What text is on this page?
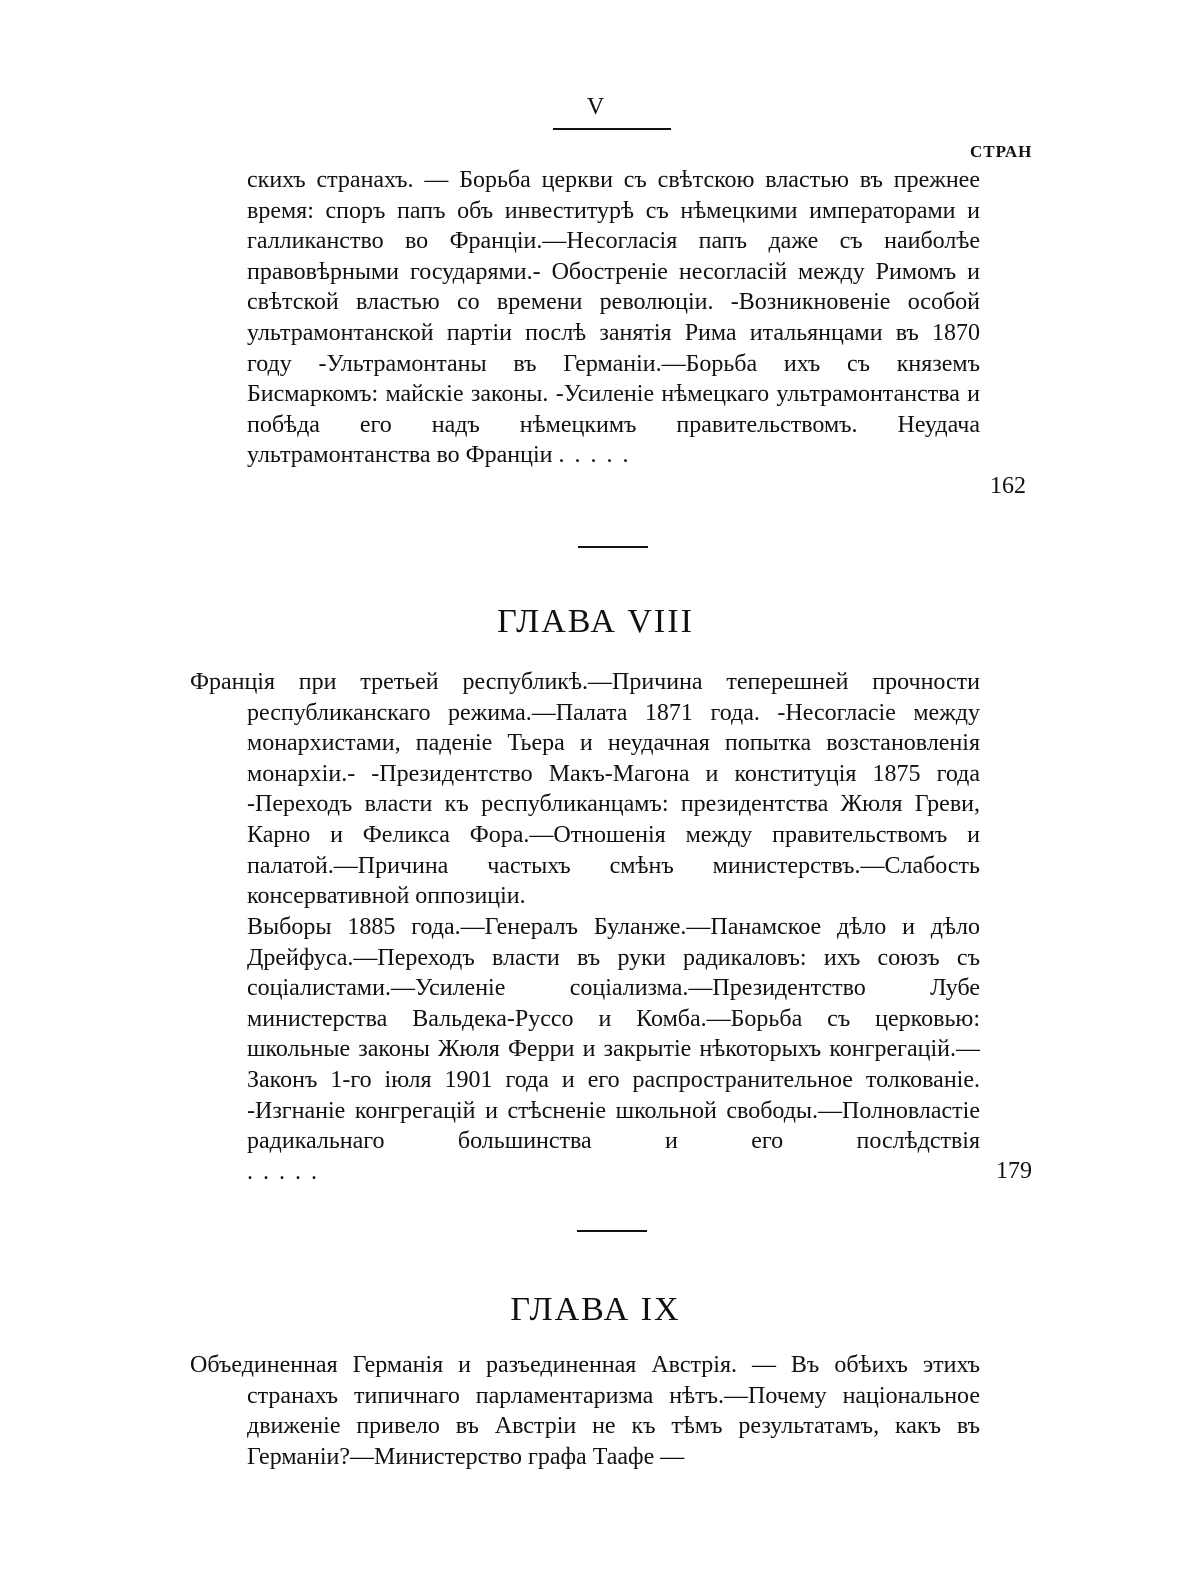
V
СТРАН

скихъ странахъ. — Борьба церкви съ свѣтскою властью въ прежнее время: споръ папъ объ инвеститурѣ съ нѣмецкими императорами и галликанство во Франціи.—Несогласія папъ даже съ наиболѣе правовѣрными государями.- Обостреніе несогласій между Римомъ и свѣтской властью со времени революціи. -Возникновеніе особой ультрамонтанской партіи послѣ занятія Рима итальянцами въ 1870 году -Ультрамонтаны въ Германіи.—Борьба ихъ съ княземъ Бисмаркомъ: майскіе законы. -Усиленіе нѣмецкаго ультрамонтанства и побѣда его надъ нѣмецкимъ правительствомъ. Неудача ультрамонтанства во Франціи . . . . .

162
ГЛАВА VIII

Франція при третьей республикѣ.—Причина теперешней прочности республиканскаго режима.—Палата 1871 года. -Несогласіе между монархистами, паденіе Тьера и неудачная попытка возстановленія монархіи.- -Президентство Макъ-Магона и конституція 1875 года -Переходъ власти къ республиканцамъ: президентства Жюля Греви, Карно и Феликса Фора.—Отношенія между правительствомъ и палатой.—Причина частыхъ смѣнъ министерствъ.—Слабость консервативной оппозиціи.

Выборы 1885 года.—Генералъ Буланже.—Панамское дѣло и дѣло Дрейфуса.—Переходъ власти въ руки радикаловъ: ихъ союзъ съ соціалистами.—Усиленіе соціализма.—Президентство Лубе министерства Вальдека-Руссо и Комба.—Борьба съ церковью: школьные законы Жюля Ферри и закрытіе нѣкоторыхъ конгрегацій.—Законъ 1-го іюля 1901 года и его распространительное толкованіе. -Изгнаніе конгрегацій и стѣсненіе школьной свободы.—Полновластіе радикальнаго большинства и его послѣдствія . . . . .	179
ГЛАВА IX

Объединенная Германія и разъединенная Австрія. — Въ обѣихъ этихъ странахъ типичнаго парламентаризма нѣтъ.—Почему національное движеніе привело въ Австріи не къ тѣмъ результатамъ, какъ въ Германіи?—Министерство графа Таафе —
